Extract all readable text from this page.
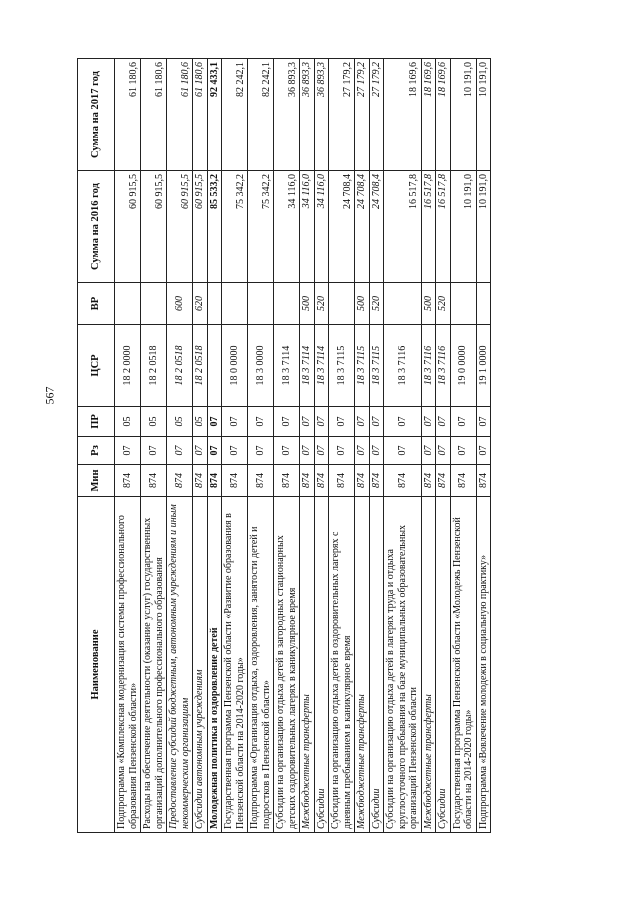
567
Наименование	Мин	Рз	ПР	ЦСР	ВР	Сумма на 2016 год	Сумма на 2017 год
Подпрограмма «Комплексная модернизация системы профессионального образования Пензенской области»	874	07	05	18 2 0000		60 915,5	61 180,6
Расходы на обеспечение деятельности (оказание услуг) государственных организаций дополнительного профессионального образования	874	07	05	18 2 0518		60 915,5	61 180,6
Предоставление субсидий бюджетным, автономным учреждениям и иным некоммерческим организациям	874	07	05	18 2 0518	600	60 915,5	61 180,6
Субсидии автономным учреждениям	874	07	05	18 2 0518	620	60 915,5	61 180,6
Молодежная политика и оздоровление детей	874	07	07			85 533,2	92 433,1
Государственная программа Пензенской области «Развитие образования в Пензенской области на 2014-2020 годы»	874	07	07	18 0 0000		75 342,2	82 242,1
Подпрограмма «Организация отдыха, оздоровления, занятости детей и подростков в Пензенской области»	874	07	07	18 3 0000		75 342,2	82 242,1
Субсидии на организацию отдыха детей в загородных стационарных детских оздоровительных лагерях в каникулярное время	874	07	07	18 3 7114		34 116,0	36 893,3
Межбюджетные трансферты	874	07	07	18 3 7114	500	34 116,0	36 893,3
Субсидии	874	07	07	18 3 7114	520	34 116,0	36 893,3
Субсидии на организацию отдыха детей в оздоровительных лагерях с дневным пребыванием в каникулярное время	874	07	07	18 3 7115		24 708,4	27 179,2
Межбюджетные трансферты	874	07	07	18 3 7115	500	24 708,4	27 179,2
Субсидии	874	07	07	18 3 7115	520	24 708,4	27 179,2
Субсидии на организацию отдыха детей в лагерях труда и отдыха круглосуточного пребывания на базе муниципальных образовательных организаций Пензенской области	874	07	07	18 3 7116		16 517,8	18 169,6
Межбюджетные трансферты	874	07	07	18 3 7116	500	16 517,8	18 169,6
Субсидии	874	07	07	18 3 7116	520	16 517,8	18 169,6
Государственная программа Пензенской области «Молодежь Пензенской области на 2014-2020 годы»	874	07	07	19 0 0000		10 191,0	10 191,0
Подпрограмма «Вовлечение молодежи в социальную практику»	874	07	07	19 1 0000		10 191,0	10 191,0
